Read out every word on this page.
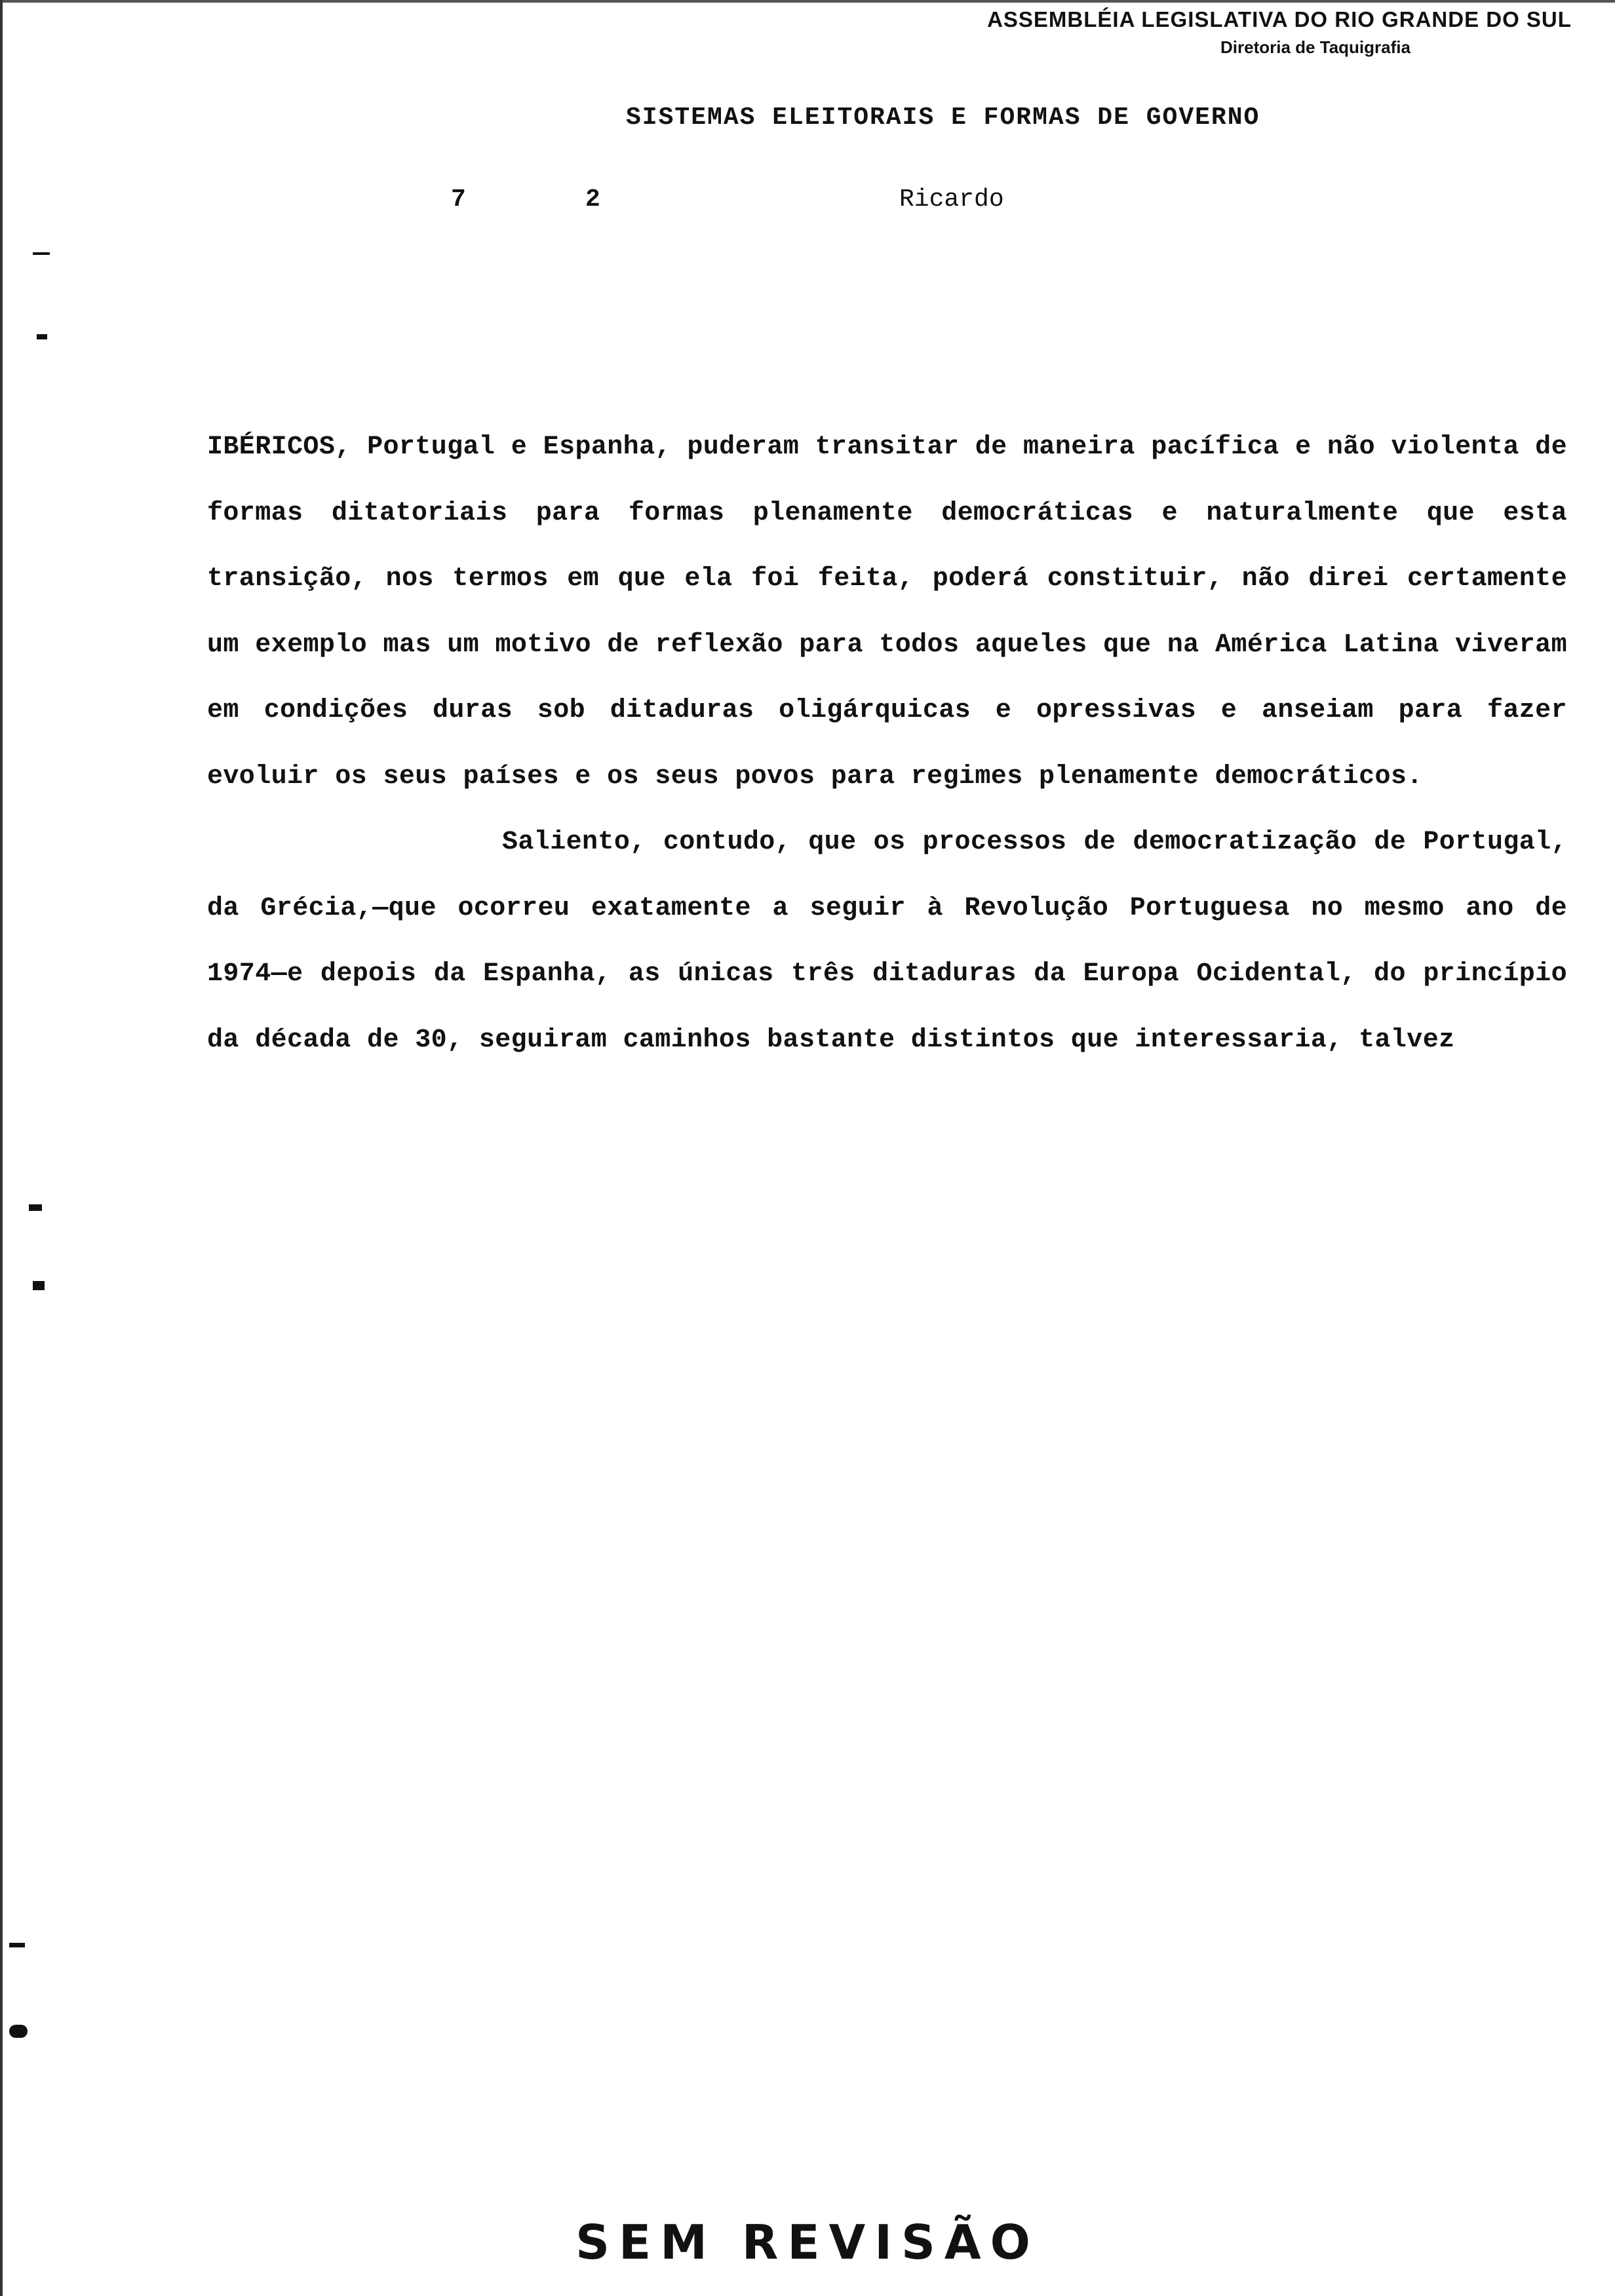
ASSEMBLÉIA LEGISLATIVA DO RIO GRANDE DO SUL
Diretoria de Taquigrafia
SISTEMAS ELEITORAIS E FORMAS DE GOVERNO
7	2	Ricardo

IBÉRICOS, Portugal e Espanha, puderam transitar de maneira pacífica e não violenta de formas ditatoriais para formas plenamente democráticas e naturalmente que esta transição, nos termos em que ela foi feita, poderá constituir, não direi certamente um exemplo mas um motivo de reflexão para todos aqueles que na América Latina viveram em condições duras sob ditaduras oligárquicas e opressivas e anseiam para fazer evoluir os seus países e os seus povos para regimes plenamente democráticos.

Saliento, contudo, que os processos de democratização de Portugal, da Grécia,—que ocorreu exatamente a seguir à Revolução Portuguesa no mesmo ano de 1974—e depois da Espanha, as únicas três ditaduras da Europa Ocidental, do princípio da década de 30, seguiram caminhos bastante distintos que interessaria, talvez

SEM REVISÃO
